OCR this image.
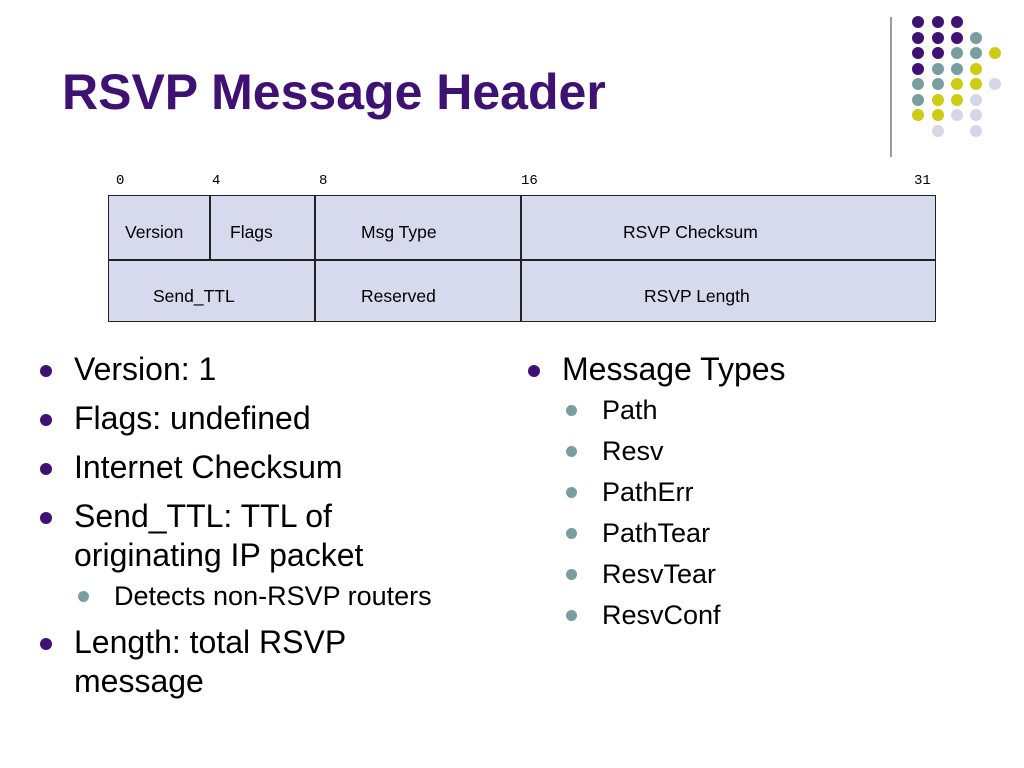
RSVP Message Header
0	4	8	16	31
Version	Flags	Msg Type	RSVP Checksum
Send_TTL	Reserved	RSVP Length
Version: 1
Flags: undefined
Internet Checksum
Send_TTL: TTL of originating IP packet
Detects non-RSVP routers
Length: total RSVP message
Message Types
Path
Resv
PathErr
PathTear
ResvTear
ResvConf
